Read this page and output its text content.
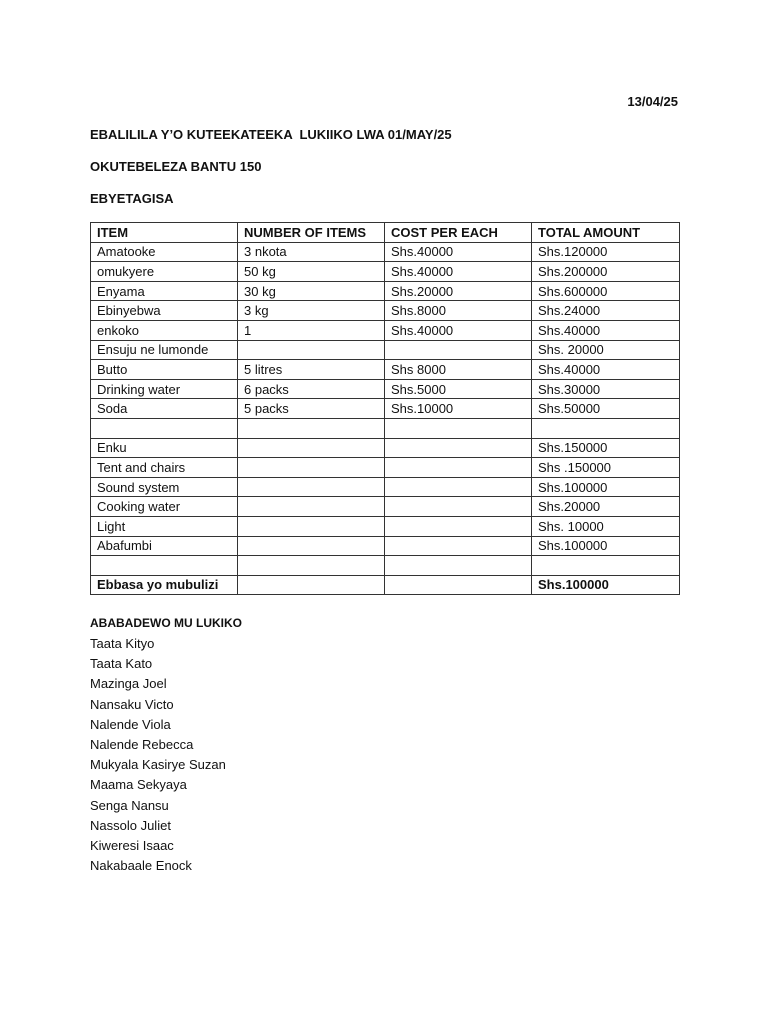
13/04/25
EBALILILA Y’O KUTEEKATEEKA  LUKIIKO LWA 01/MAY/25
OKUTEBELEZA BANTU 150
EBYETAGISA
ITEM	NUMBER OF ITEMS	COST PER EACH	TOTAL AMOUNT
Amatooke	3 nkota	Shs.40000	Shs.120000
omukyere	50 kg	Shs.40000	Shs.200000
Enyama	30 kg	Shs.20000	Shs.600000
Ebinyebwa	3 kg	Shs.8000	Shs.24000
enkoko	1	Shs.40000	Shs.40000
Ensuju ne lumonde			Shs. 20000
Butto	5 litres	Shs 8000	Shs.40000
Drinking water	6 packs	Shs.5000	Shs.30000
Soda	5 packs	Shs.10000	Shs.50000

Enku			Shs.150000
Tent and chairs			Shs .150000
Sound system			Shs.100000
Cooking water			Shs.20000
Light			Shs. 10000
Abafumbi			Shs.100000

Ebbasa yo mubulizi			Shs.100000
ABABADEWO MU LUKIKO
Taata Kityo
Taata Kato
Mazinga Joel
Nansaku Victo
Nalende Viola
Nalende Rebecca
Mukyala Kasirye Suzan
Maama Sekyaya
Senga Nansu
Nassolo Juliet
Kiweresi Isaac
Nakabaale Enock
